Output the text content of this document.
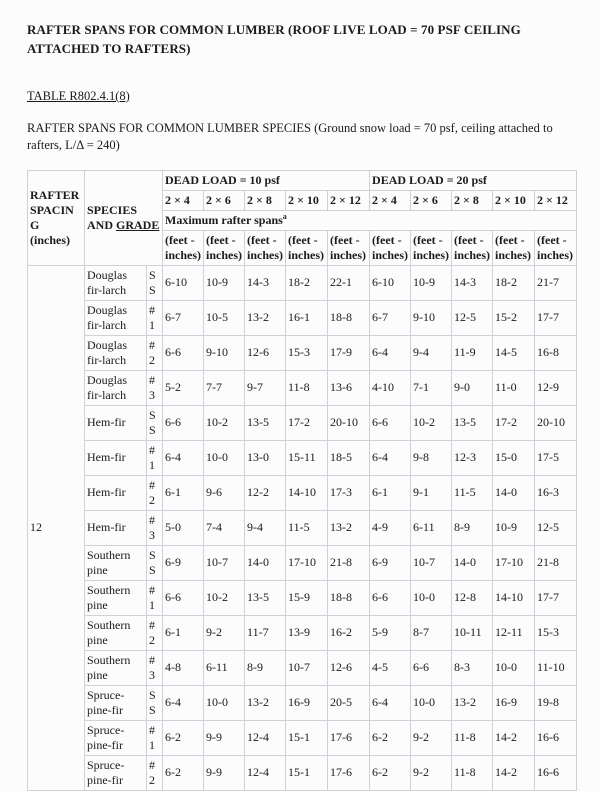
RAFTER SPANS FOR COMMON LUMBER (ROOF LIVE LOAD = 70 PSF CEILING ATTACHED TO RAFTERS)

TABLE R802.4.1(8)

RAFTER SPANS FOR COMMON LUMBER SPECIES (Ground snow load = 70 psf, ceiling attached to rafters, L/Δ = 240)

RAFTER SPACING (inches)	SPECIES AND GRADE		DEAD LOAD = 10 psf					DEAD LOAD = 20 psf				
			2 × 4	2 × 6	2 × 8	2 × 10	2 × 12	2 × 4	2 × 6	2 × 8	2 × 10	2 × 12
			Maximum rafter spans$^a$
			(feet - inches)	(feet - inches)	(feet - inches)	(feet - inches)	(feet - inches)	(feet - inches)	(feet - inches)	(feet - inches)	(feet - inches)	(feet - inches)
12	Douglas fir-larch	SS	6-10	10-9	14-3	18-2	22-1	6-10	10-9	14-3	18-2	21-7
	Douglas fir-larch	#1	6-7	10-5	13-2	16-1	18-8	6-7	9-10	12-5	15-2	17-7
	Douglas fir-larch	#2	6-6	9-10	12-6	15-3	17-9	6-4	9-4	11-9	14-5	16-8
	Douglas fir-larch	#3	5-2	7-7	9-7	11-8	13-6	4-10	7-1	9-0	11-0	12-9
	Hem-fir	SS	6-6	10-2	13-5	17-2	20-10	6-6	10-2	13-5	17-2	20-10
	Hem-fir	#1	6-4	10-0	13-0	15-11	18-5	6-4	9-8	12-3	15-0	17-5
	Hem-fir	#2	6-1	9-6	12-2	14-10	17-3	6-1	9-1	11-5	14-0	16-3
	Hem-fir	#3	5-0	7-4	9-4	11-5	13-2	4-9	6-11	8-9	10-9	12-5
	Southern pine	SS	6-9	10-7	14-0	17-10	21-8	6-9	10-7	14-0	17-10	21-8
	Southern pine	#1	6-6	10-2	13-5	15-9	18-8	6-6	10-0	12-8	14-10	17-7
	Southern pine	#2	6-1	9-2	11-7	13-9	16-2	5-9	8-7	10-11	12-11	15-3
	Southern pine	#3	4-8	6-11	8-9	10-7	12-6	4-5	6-6	8-3	10-0	11-10
	Spruce-pine-fir	SS	6-4	10-0	13-2	16-9	20-5	6-4	10-0	13-2	16-9	19-8
	Spruce-pine-fir	#1	6-2	9-9	12-4	15-1	17-6	6-2	9-2	11-8	14-2	16-6
	Spruce-pine-fir	#2	6-2	9-9	12-4	15-1	17-6	6-2	9-2	11-8	14-2	16-6
